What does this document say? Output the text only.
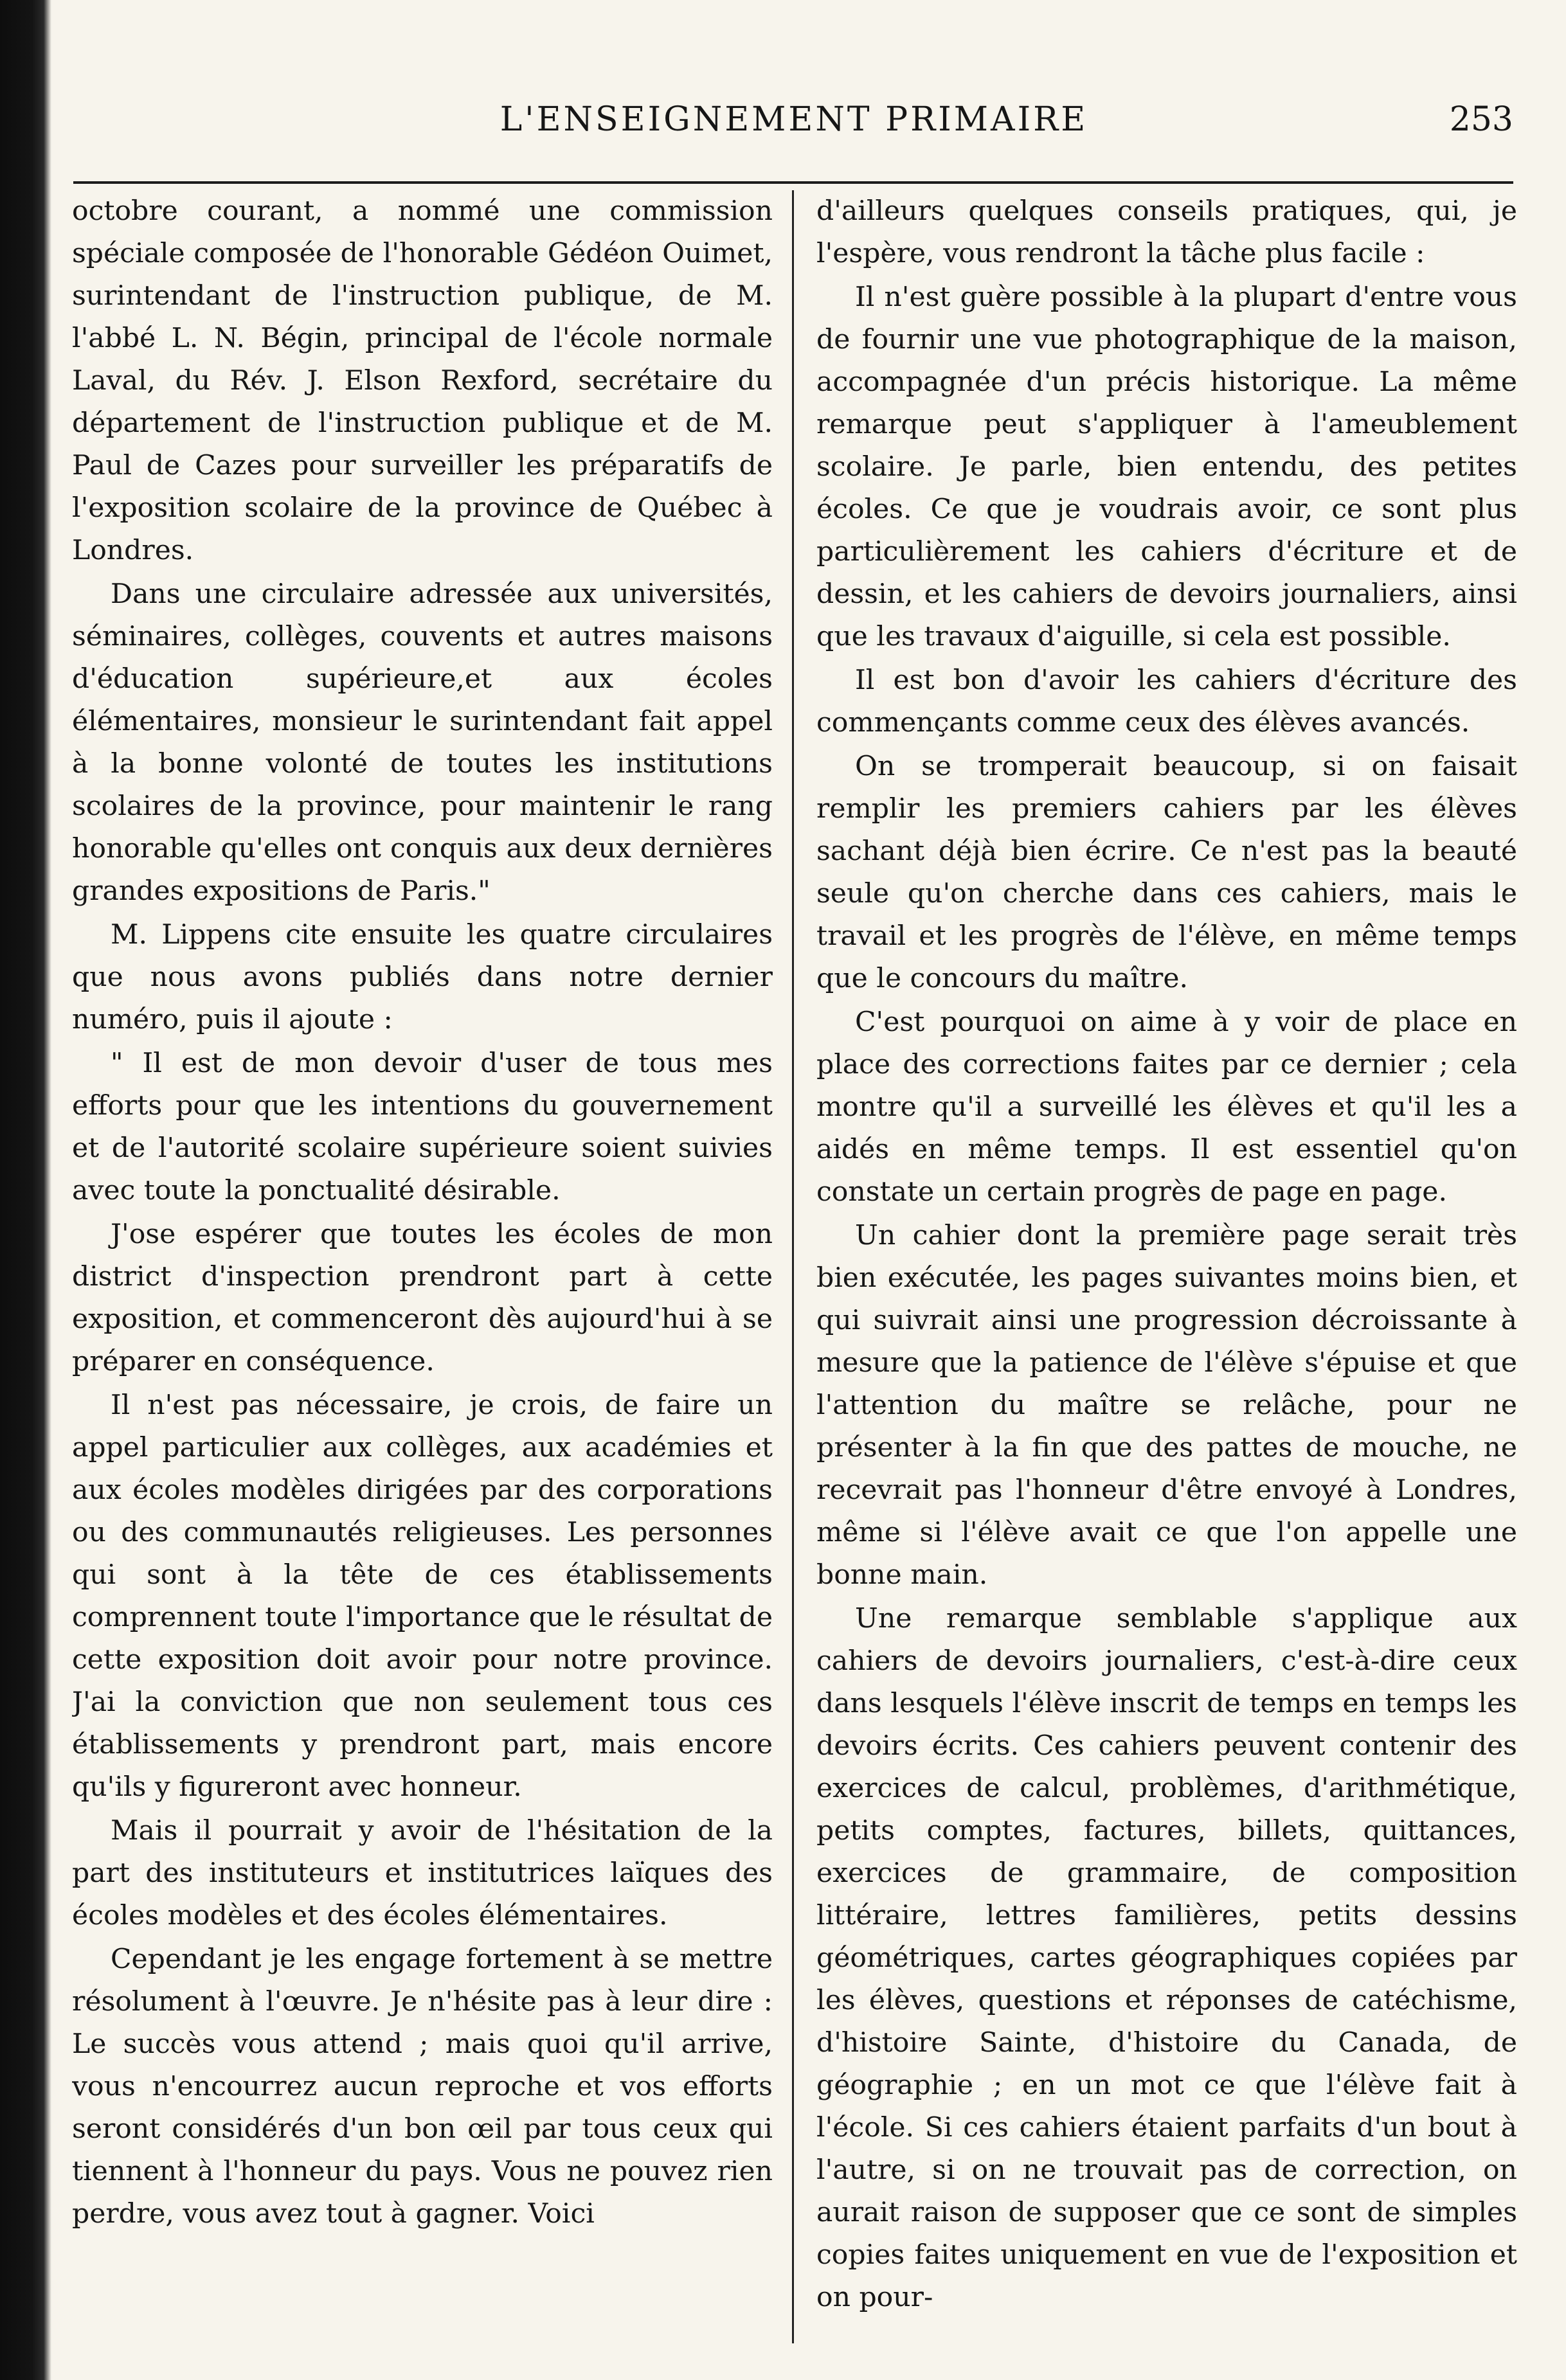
L'ENSEIGNEMENT PRIMAIRE	253

octobre courant, a nommé une commission spéciale composée de l'honorable Gédéon Ouimet, surintendant de l'instruction publique, de M. l'abbé L. N. Bégin, principal de l'école normale Laval, du Rév. J. Elson Rexford, secrétaire du département de l'instruction publique et de M. Paul de Cazes pour surveiller les préparatifs de l'exposition scolaire de la province de Québec à Londres.

Dans une circulaire adressée aux universités, séminaires, collèges, couvents et autres maisons d'éducation supérieure,et aux écoles élémentaires, monsieur le surintendant fait appel à la bonne volonté de toutes les institutions scolaires de la province, pour maintenir le rang honorable qu'elles ont conquis aux deux dernières grandes expositions de Paris."

M. Lippens cite ensuite les quatre circulaires que nous avons publiés dans notre dernier numéro, puis il ajoute :

" Il est de mon devoir d'user de tous mes efforts pour que les intentions du gouvernement et de l'autorité scolaire supérieure soient suivies avec toute la ponctualité désirable.

J'ose espérer que toutes les écoles de mon district d'inspection prendront part à cette exposition, et commenceront dès aujourd'hui à se préparer en conséquence.

Il n'est pas nécessaire, je crois, de faire un appel particulier aux collèges, aux académies et aux écoles modèles dirigées par des corporations ou des communautés religieuses. Les personnes qui sont à la tête de ces établissements comprennent toute l'importance que le résultat de cette exposition doit avoir pour notre province. J'ai la conviction que non seulement tous ces établissements y prendront part, mais encore qu'ils y figureront avec honneur.

Mais il pourrait y avoir de l'hésitation de la part des instituteurs et institutrices laïques des écoles modèles et des écoles élémentaires.

Cependant je les engage fortement à se mettre résolument à l'œuvre. Je n'hésite pas à leur dire : Le succès vous attend ; mais quoi qu'il arrive, vous n'encourrez aucun reproche et vos efforts seront considérés d'un bon œil par tous ceux qui tiennent à l'honneur du pays. Vous ne pouvez rien perdre, vous avez tout à gagner. Voici

d'ailleurs quelques conseils pratiques, qui, je l'espère, vous rendront la tâche plus facile :

Il n'est guère possible à la plupart d'entre vous de fournir une vue photographique de la maison, accompagnée d'un précis historique. La même remarque peut s'appliquer à l'ameublement scolaire. Je parle, bien entendu, des petites écoles. Ce que je voudrais avoir, ce sont plus particulièrement les cahiers d'écriture et de dessin, et les cahiers de devoirs journaliers, ainsi que les travaux d'aiguille, si cela est possible.

Il est bon d'avoir les cahiers d'écriture des commençants comme ceux des élèves avancés.

On se tromperait beaucoup, si on faisait remplir les premiers cahiers par les élèves sachant déjà bien écrire. Ce n'est pas la beauté seule qu'on cherche dans ces cahiers, mais le travail et les progrès de l'élève, en même temps que le concours du maître.

C'est pourquoi on aime à y voir de place en place des corrections faites par ce dernier ; cela montre qu'il a surveillé les élèves et qu'il les a aidés en même temps. Il est essentiel qu'on constate un certain progrès de page en page.

Un cahier dont la première page serait très bien exécutée, les pages suivantes moins bien, et qui suivrait ainsi une progression décroissante à mesure que la patience de l'élève s'épuise et que l'attention du maître se relâche, pour ne présenter à la fin que des pattes de mouche, ne recevrait pas l'honneur d'être envoyé à Londres, même si l'élève avait ce que l'on appelle une bonne main.

Une remarque semblable s'applique aux cahiers de devoirs journaliers, c'est-à-dire ceux dans lesquels l'élève inscrit de temps en temps les devoirs écrits. Ces cahiers peuvent contenir des exercices de calcul, problèmes, d'arithmétique, petits comptes, factures, billets, quittances, exercices de grammaire, de composition littéraire, lettres familières, petits dessins géométriques, cartes géographiques copiées par les élèves, questions et réponses de catéchisme, d'histoire Sainte, d'histoire du Canada, de géographie ; en un mot ce que l'élève fait à l'école. Si ces cahiers étaient parfaits d'un bout à l'autre, si on ne trouvait pas de correction, on aurait raison de supposer que ce sont de simples copies faites uniquement en vue de l'exposition et on pour-
